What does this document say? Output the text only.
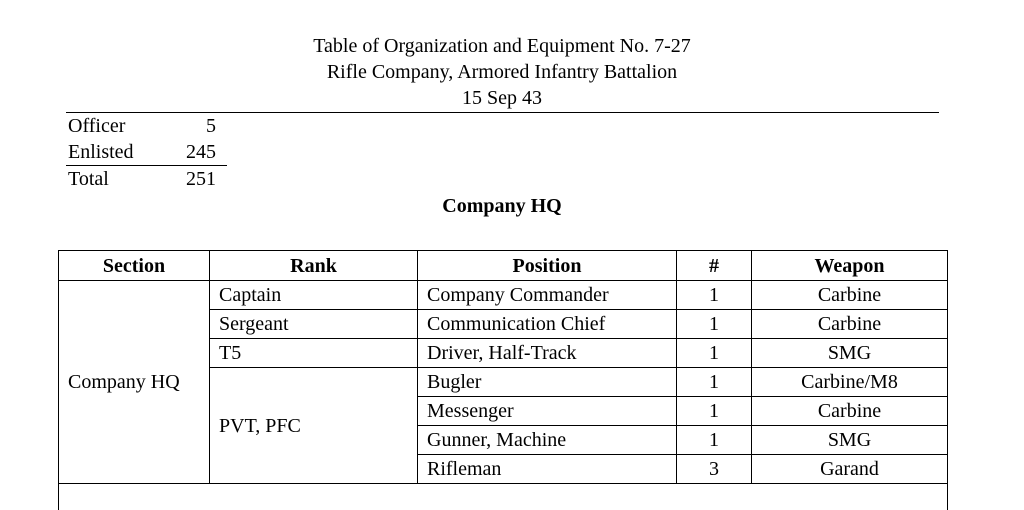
Table of Organization and Equipment No. 7-27
Rifle Company, Armored Infantry Battalion
15 Sep 43
Officer	5
Enlisted	245
Total	251
Company HQ
Section	Rank	Position	#	Weapon
Company HQ	Captain	Company Commander	1	Carbine
	Sergeant	Communication Chief	1	Carbine
	T5	Driver, Half-Track	1	SMG
	PVT, PFC	Bugler	1	Carbine/M8
		Messenger	1	Carbine
		Gunner, Machine	1	SMG
		Rifleman	3	Garand
